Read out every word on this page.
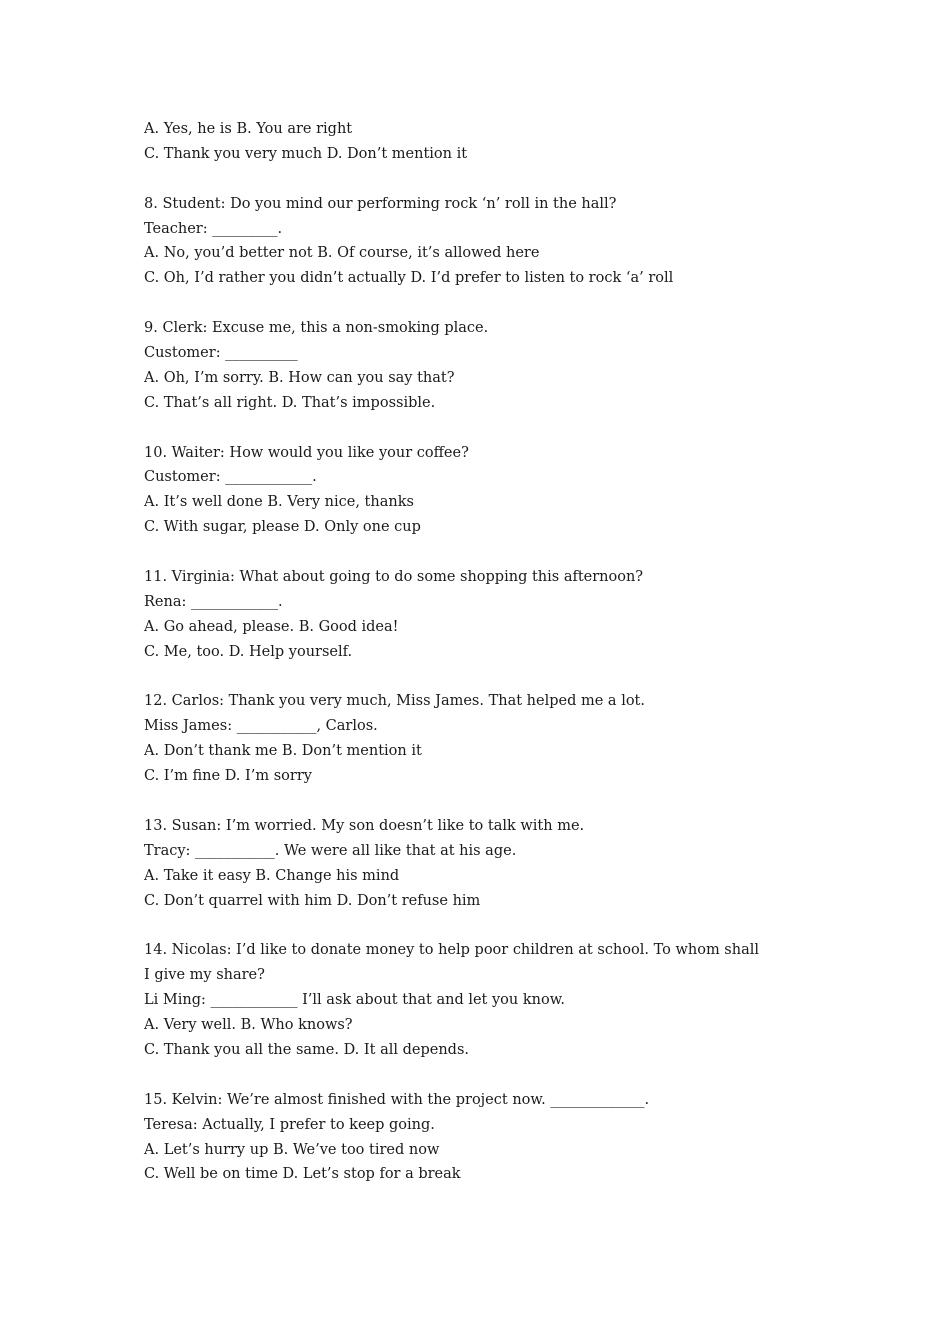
A. Yes, he is B. You are right
C. Thank you very much D. Don’t mention it
8. Student: Do you mind our performing rock ‘n’ roll in the hall?
Teacher: _________.
A. No, you’d better not B. Of course, it’s allowed here
C. Oh, I’d rather you didn’t actually D. I’d prefer to listen to rock ‘a’ roll
9. Clerk: Excuse me, this a non-smoking place.
Customer: __________
A. Oh, I’m sorry. B. How can you say that?
C. That’s all right. D. That’s impossible.
10. Waiter: How would you like your coffee?
Customer: ____________.
A. It’s well done B. Very nice, thanks
C. With sugar, please D. Only one cup
11. Virginia: What about going to do some shopping this afternoon?
Rena: ____________.
A. Go ahead, please. B. Good idea!
C. Me, too. D. Help yourself.
12. Carlos: Thank you very much, Miss James. That helped me a lot.
Miss James: ___________, Carlos.
A. Don’t thank me B. Don’t mention it
C. I’m fine D. I’m sorry
13. Susan: I’m worried. My son doesn’t like to talk with me.
Tracy: ___________. We were all like that at his age.
A. Take it easy B. Change his mind
C. Don’t quarrel with him D. Don’t refuse him
14. Nicolas: I’d like to donate money to help poor children at school. To whom shall
I give my share?
Li Ming: ____________ I’ll ask about that and let you know.
A. Very well. B. Who knows?
C. Thank you all the same. D. It all depends.
15. Kelvin: We’re almost finished with the project now. _____________.
Teresa: Actually, I prefer to keep going.
A. Let’s hurry up B. We’ve too tired now
C. Well be on time D. Let’s stop for a break
